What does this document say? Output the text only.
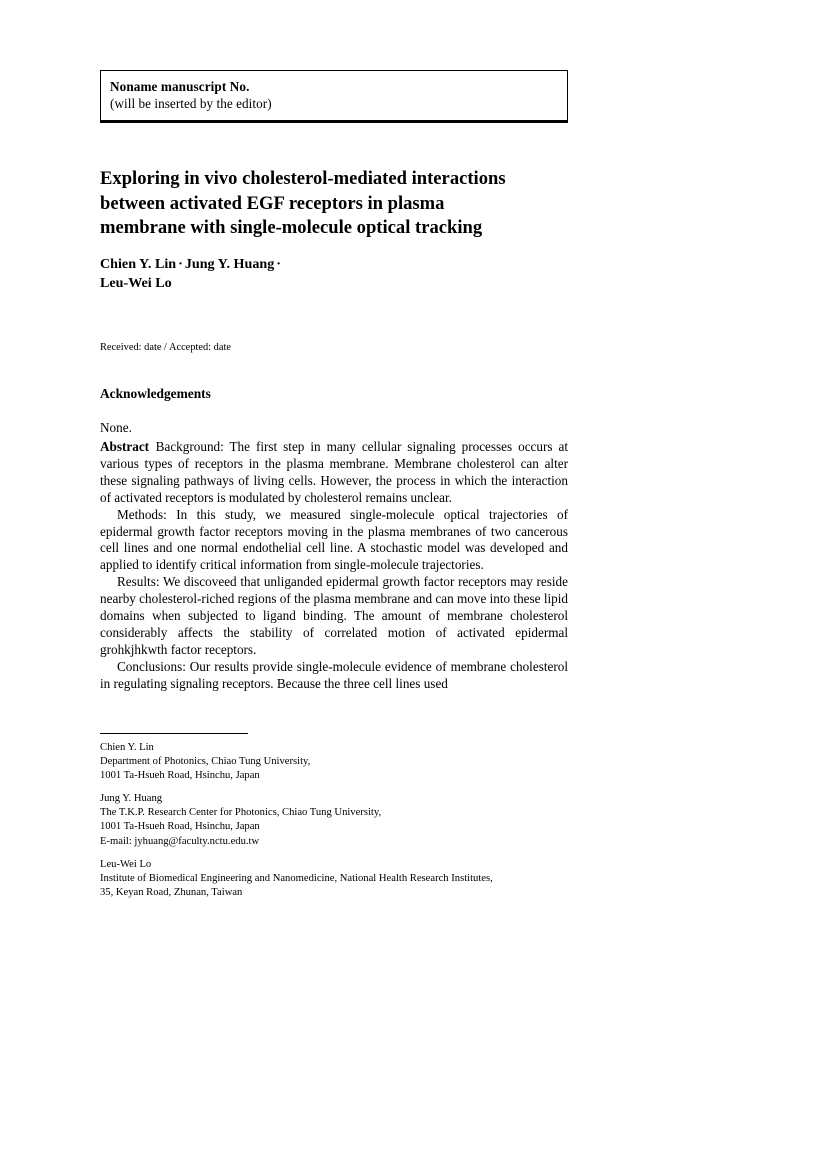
Noname manuscript No.
(will be inserted by the editor)
Exploring in vivo cholesterol-mediated interactions
between activated EGF receptors in plasma
membrane with single-molecule optical tracking
Chien Y. Lin · Jung Y. Huang ·
Leu-Wei Lo
Received: date / Accepted: date
Acknowledgements
None.

Abstract Background: The first step in many cellular signaling processes occurs at various types of receptors in the plasma membrane. Membrane cholesterol can alter these signaling pathways of living cells. However, the process in which the interaction of activated receptors is modulated by cholesterol remains unclear.

Methods: In this study, we measured single-molecule optical trajectories of epidermal growth factor receptors moving in the plasma membranes of two cancerous cell lines and one normal endothelial cell line. A stochastic model was developed and applied to identify critical information from single-molecule trajectories.

Results: We discoveed that unliganded epidermal growth factor receptors may reside nearby cholesterol-riched regions of the plasma membrane and can move into these lipid domains when subjected to ligand binding. The amount of membrane cholesterol considerably affects the stability of correlated motion of activated epidermal grohkjhkwth factor receptors.

Conclusions: Our results provide single-molecule evidence of membrane cholesterol in regulating signaling receptors. Because the three cell lines used

Chien Y. Lin
Department of Photonics, Chiao Tung University,
1001 Ta-Hsueh Road, Hsinchu, Japan
Jung Y. Huang
The T.K.P. Research Center for Photonics, Chiao Tung University,
1001 Ta-Hsueh Road, Hsinchu, Japan
E-mail: jyhuang@faculty.nctu.edu.tw
Leu-Wei Lo
Institute of Biomedical Engineering and Nanomedicine, National Health Research Institutes,
35, Keyan Road, Zhunan, Taiwan
